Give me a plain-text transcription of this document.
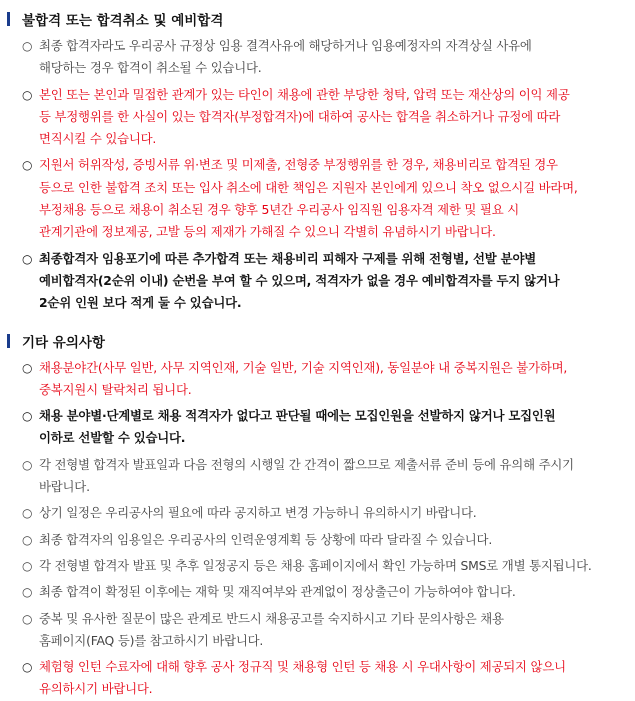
불합격 또는 합격취소 및 예비합격
○ 최종 합격자라도 우리공사 규정상 임용 결격사유에 해당하거나 임용예정자의 자격상실 사유에
해당하는 경우 합격이 취소될 수 있습니다.
○ 본인 또는 본인과 밀접한 관계가 있는 타인이 채용에 관한 부당한 청탁, 압력 또는 재산상의 이익 제공
등 부정행위를 한 사실이 있는 합격자(부정합격자)에 대하여 공사는 합격을 취소하거나 규정에 따라
면직시킬 수 있습니다.
○ 지원서 허위작성, 증빙서류 위·변조 및 미제출, 전형중 부정행위를 한 경우, 채용비리로 합격된 경우
등으로 인한 불합격 조치 또는 입사 취소에 대한 책임은 지원자 본인에게 있으니 착오 없으시길 바라며,
부정채용 등으로 채용이 취소된 경우 향후 5년간 우리공사 임직원 임용자격 제한 및 필요 시
관계기관에 정보제공, 고발 등의 제재가 가해질 수 있으니 각별히 유념하시기 바랍니다.
○ 최종합격자 임용포기에 따른 추가합격 또는 채용비리 피해자 구제를 위해 전형별, 선발 분야별
예비합격자(2순위 이내) 순번을 부여 할 수 있으며, 적격자가 없을 경우 예비합격자를 두지 않거나
2순위 인원 보다 적게 둘 수 있습니다.
기타 유의사항
○ 채용분야간(사무 일반, 사무 지역인재, 기술 일반, 기술 지역인재), 동일분야 내 중복지원은 불가하며,
중복지원시 탈락처리 됩니다.
○ 채용 분야별·단계별로 채용 적격자가 없다고 판단될 때에는 모집인원을 선발하지 않거나 모집인원
이하로 선발할 수 있습니다.
○ 각 전형별 합격자 발표일과 다음 전형의 시행일 간 간격이 짧으므로 제출서류 준비 등에 유의해 주시기
바랍니다.
○ 상기 일정은 우리공사의 필요에 따라 공지하고 변경 가능하니 유의하시기 바랍니다.
○ 최종 합격자의 임용일은 우리공사의 인력운영계획 등 상황에 따라 달라질 수 있습니다.
○ 각 전형별 합격자 발표 및 추후 일정공지 등은 채용 홈페이지에서 확인 가능하며 SMS로 개별 통지됩니다.
○ 최종 합격이 확정된 이후에는 재학 및 재직여부와 관계없이 정상출근이 가능하여야 합니다.
○ 중복 및 유사한 질문이 많은 관계로 반드시 채용공고를 숙지하시고 기타 문의사항은 채용
홈페이지(FAQ 등)를 참고하시기 바랍니다.
○ 체험형 인턴 수료자에 대해 향후 공사 정규직 및 채용형 인턴 등 채용 시 우대사항이 제공되지 않으니
유의하시기 바랍니다.
